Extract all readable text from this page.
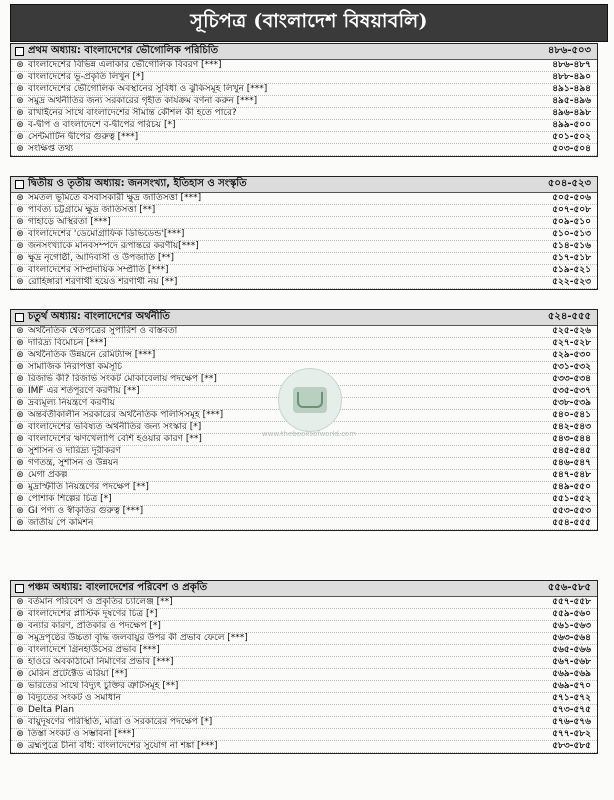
সূচিপত্র (বাংলাদেশ বিষয়াবলি)
প্রথম অধ্যায়: বাংলাদেশের ভৌগোলিক পরিচিতি	৪৮৬-৫০৩
⊛ বাংলাদেশের বিভিন্ন এলাকার ভৌগোলিক বিবরণ [***]	৪৮৬-৪৮৭
⊛ বাংলাদেশের ভূ-প্রকৃতি লিখুন [*]	৪৮৮-৪৯০
⊛ বাংলাদেশের ভৌগোলিক অবস্থানের সুবিধা ও ঝুঁকিসমূহ লিখুন [***]	৪৯১-৪৯৪
⊛ সমুদ্র অর্থনীতির জন্য সরকারের গৃহীত কার্যক্রম বর্ণনা করুন [***]	৪৯৫-৪৯৬
⊛ রাখাইনের সাথে বাংলাদেশের সীমান্ত কৌশল কী হতে পারে?	৪৯৬-৪৯৮
⊛ ব-দ্বীপ ও বাংলাদেশে ব-দ্বীপের পরিচয় [*]	৪৯৯-৫০০
⊛ সেন্টমার্টিন দ্বীপের গুরুত্ব [***]	৫০১-৫০২
⊛ সংক্ষিপ্ত তথ্য	৫০৩-৫০৪
দ্বিতীয় ও তৃতীয় অধ্যায়: জনসংখ্যা, ইতিহাস ও সংস্কৃতি	৫০৪-৫২৩
⊛ সমতল ভূমিতে বসবাসকারী ক্ষুদ্র জাতিসত্তা [***]	৫০৫-৫০৬
⊛ পার্বত্য চট্টগ্রামে ক্ষুদ্র জাতিসত্তা [**]	৫০৭-৫০৮
⊛ গাহাড়ে অস্থিরতা [***]	৫০৯-৫১০
⊛ বাংলাদেশের 'ডেমোগ্রাফিক ডিভিডেন্ড'[***]	৫১০-৫১৩
⊛ জনসংখ্যাকে মানবসম্পদে রূপান্তরে করণীয়[***]	৫১৪-৫১৬
⊛ ক্ষুদ্র নৃগোষ্ঠী, আদিবাসী ও উপজাতি [**]	৫১৭-৫১৮
⊛ বাংলাদেশের সাম্প্রদায়িক সম্প্রীতি [***]	৫১৯-৫২১
⊛ রোহিঙ্গারা শরণার্থী হয়েও শরণার্থী নয় [**]	৫২২-৫২৩
চতুর্থ অধ্যায়: বাংলাদেশের অর্থনীতি	৫২৪-৫৫৫
⊛ অর্থনৈতিক শ্বেতপত্রের সুপারিশ ও বাস্তবতা	৫২৫-৫২৬
⊛ দারিদ্র্য বিমোচন [***]	৫২৭-৫২৮
⊛ অর্থনৈতিক উন্নয়নে রেমিট্যান্স [***]	৫২৯-৫৩০
⊛ সামাজিক নিরাপত্তা কর্মসূচি	৫৩১-৫৩২
⊛ রিজার্ভ কী? রিজার্ভ সংকট মোকাবেলায় পদক্ষেপ [**]	৫৩৩-৫৩৪
⊛ IMF এর শর্তপূরণে করণীয় [**]	৫৩৫-৫৩৭
⊛ দ্রব্যমূল্য নিয়ন্ত্রণে করণীয়	৫৩৮-৫৩৯
⊛ অন্তর্বর্তীকালীন সরকারের অর্থনৈতিক পলিসিসমূহ [***]	৫৪০-৫৪১
⊛ বাংলাদেশের ভবিষ্যত অর্থনীতির জন্য সংস্কার [*]	৫৪২-৫৪৩
⊛ বাংলাদেশের ঋণখেলাপি বেশি হওয়ার কারণ [**]	৫৪৩-৫৪৪
⊛ সুশাসন ও দারিদ্র্য দূরীকরণ	৫৪৫-৫৪৫
⊛ গণতন্ত্র, সুশাসন ও উন্নয়ন	৫৪৬-৫৪৭
⊛ মেগা প্রকল্প	৫৪৭-৫৪৮
⊛ মুদ্রাস্ফীতি নিয়ন্ত্রণের পদক্ষেপ [**]	৫৪৯-৫৫০
⊛ পোশাক শিল্পের চিত্র [*]	৫৫১-৫৫২
⊛ GI পণ্য ও স্বীকৃতির গুরুত্ব [***]	৫৫৩-৫৫৩
⊛ জাতীয় পে কমিশন	৫৫৪-৫৫৫
পঞ্চম অধ্যায়: বাংলাদেশের পরিবেশ ও প্রকৃতি	৫৫৬-৫৮৫
⊛ বর্তমান পরিবেশ ও প্রকৃতির চ্যালেঞ্জ [**]	৫৫৭-৫৫৮
⊛ বাংলাদেশের প্লাস্টিক দূষণের চিত্র [*]	৫৫৯-৫৬০
⊛ বন্যার কারণ, প্রতিকার ও পদক্ষেপ [*]	৫৬১-৫৬৩
⊛ সমুদ্রপৃষ্ঠের উচ্চতা বৃদ্ধি জলবায়ুর উপর কী প্রভাব ফেলে [***]	৫৬৩-৫৬৪
⊛ বাংলাদেশে গ্রিনহাউসের প্রভাব [***]	৫৬৫-৫৬৬
⊛ হাওরে অবকাঠামো নির্মাণের প্রভাব [***]	৫৬৭-৫৬৮
⊛ মেরিন প্রটেক্টেড এরিয়া [**]	৫৬৯-৫৬৯
⊛ ভারতের সাথে বিদ্যুৎ চুক্তির ত্রুটিসমূহ [**]	৫৬৯-৫৭০
⊛ বিদ্যুতের সংকট ও সমাধান	৫৭১-৫৭২
⊛ Delta Plan	৫৭৩-৫৭৫
⊛ বায়ুদূষণের পরিস্থিতি, মাত্রা ও সরকারের পদক্ষেপ [*]	৫৭৬-৫৭৬
⊛ তিস্তা সংকট ও সম্ভাবনা [***]	৫৭৭-৫৮২
⊛ ব্রহ্মপুত্রে চীনা বাঁধ: বাংলাদেশের সুযোগ না শঙ্কা [***]	৫৮৩-৫৮৫
www.thebooksofworld.com
